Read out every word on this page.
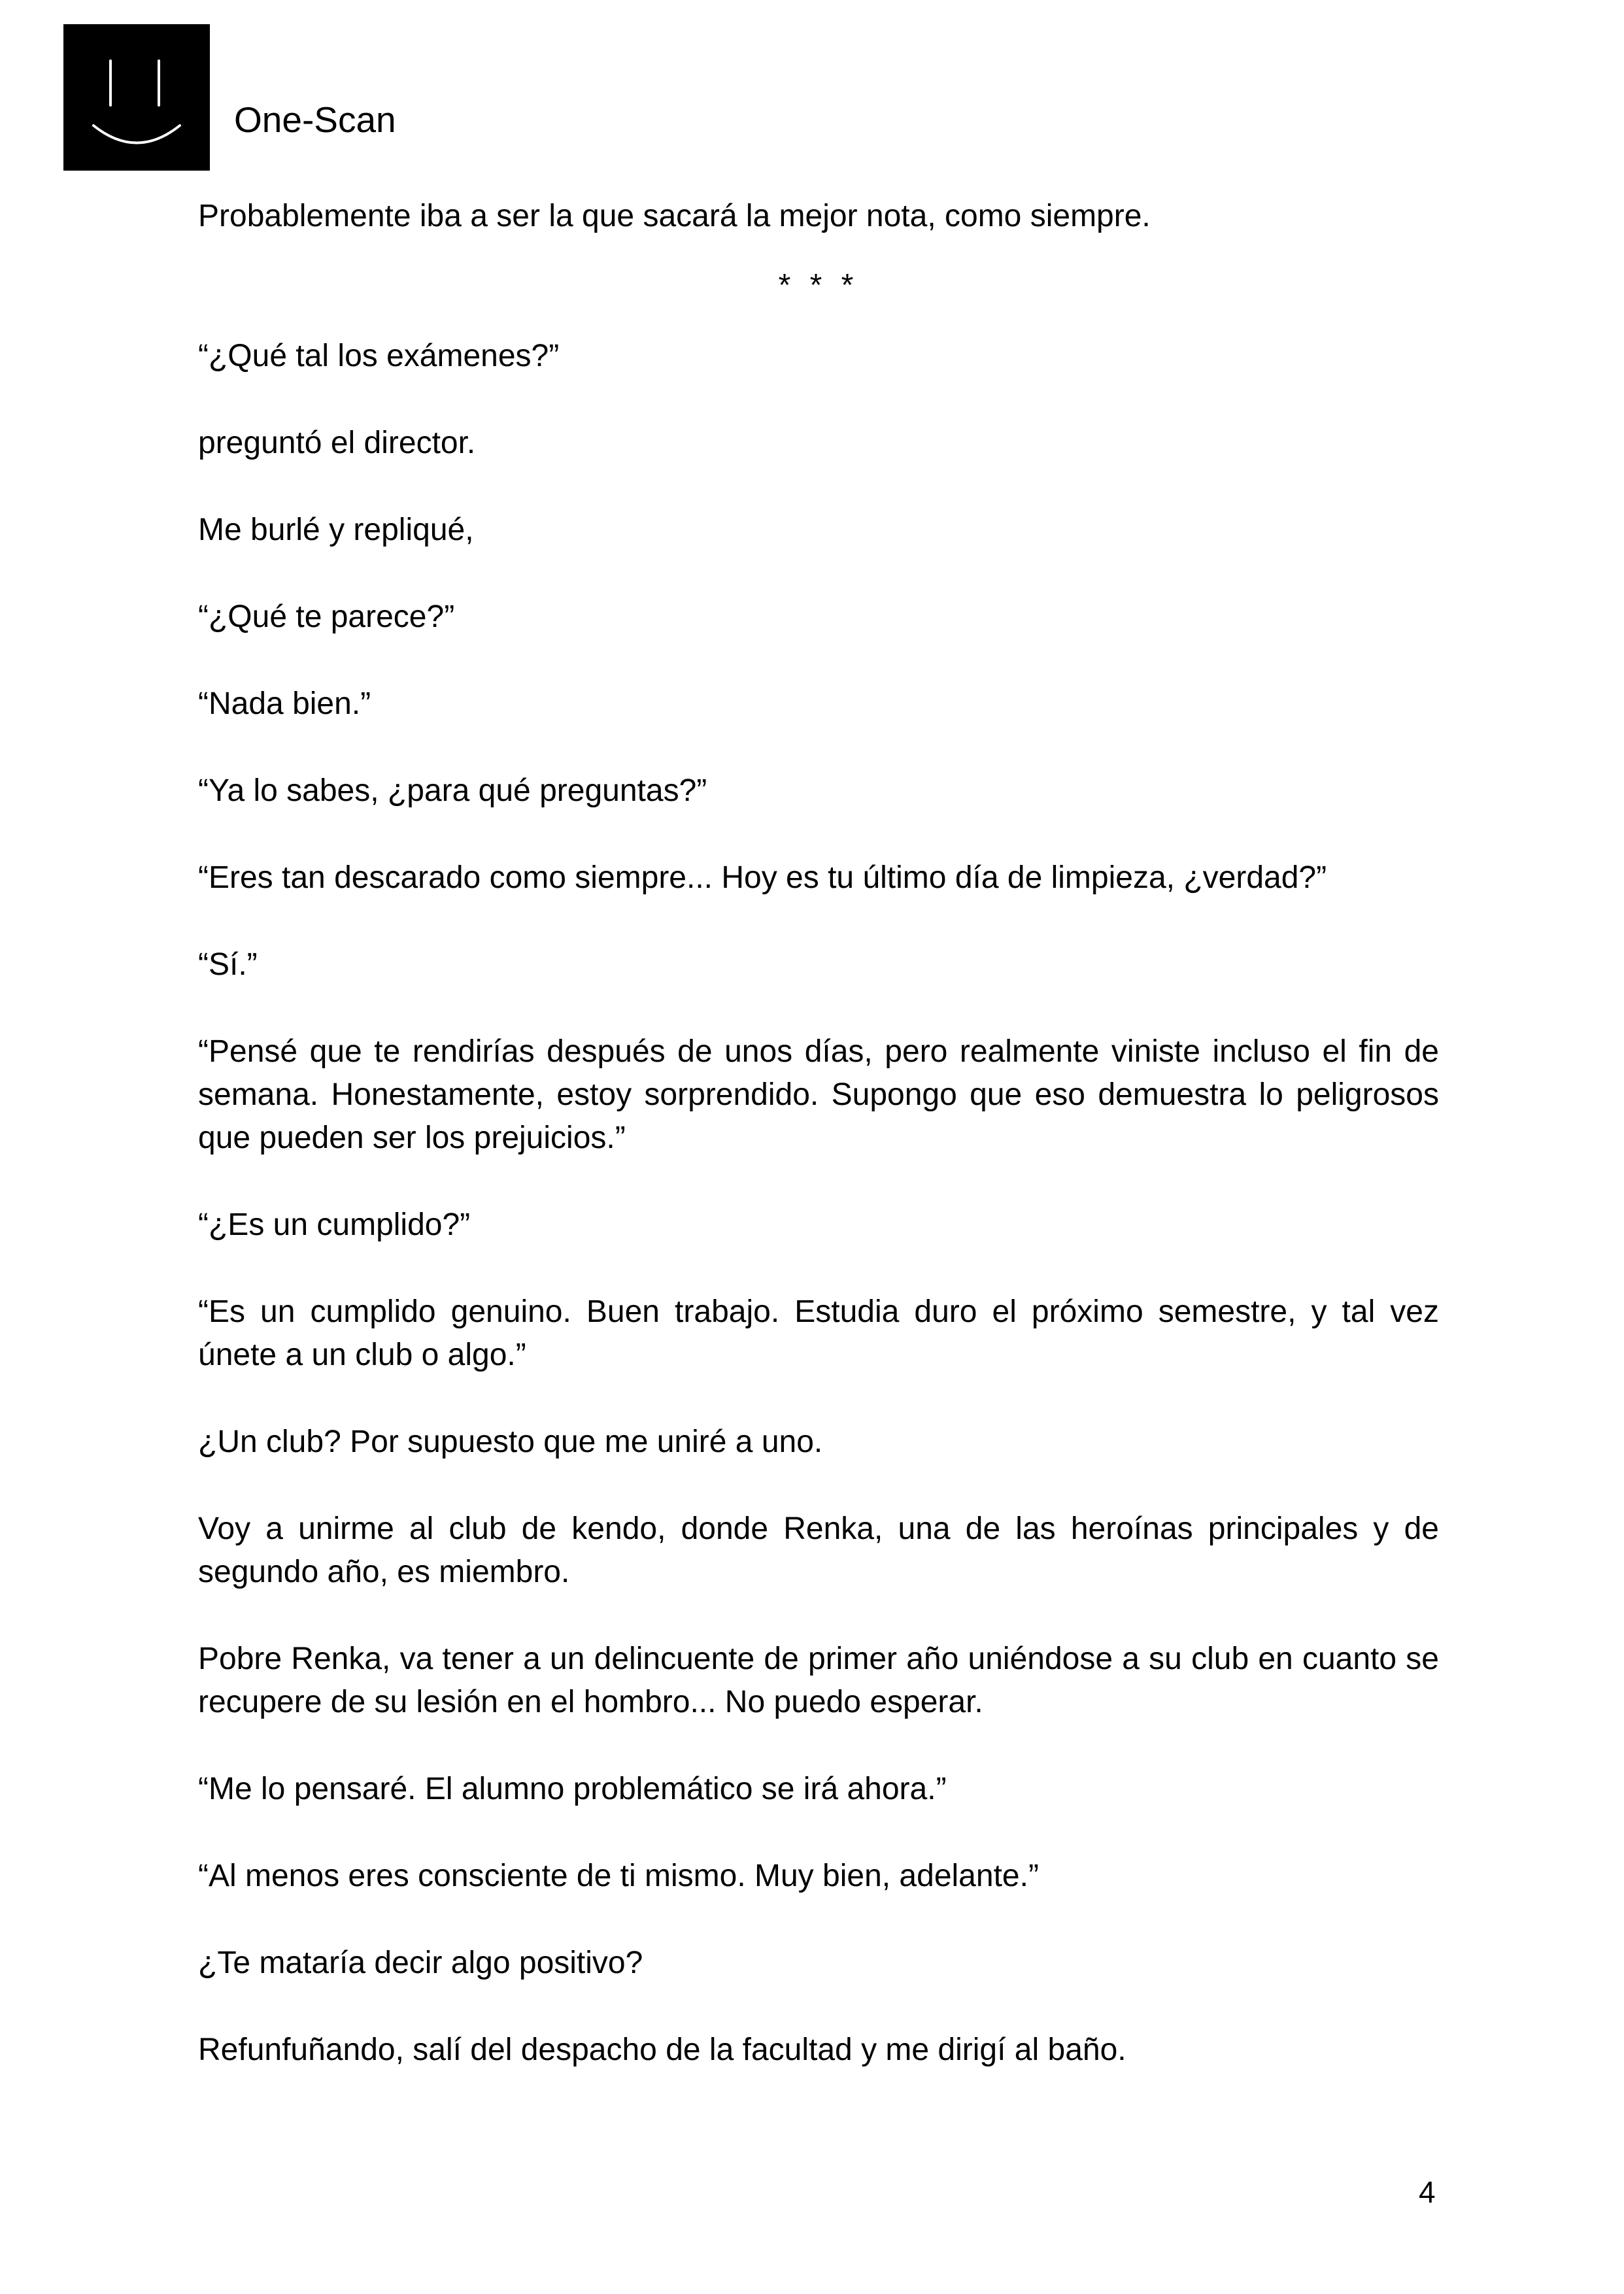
One-Scan

Probablemente iba a ser la que sacará la mejor nota, como siempre.

* * *

“¿Qué tal los exámenes?”

preguntó el director.

Me burlé y repliqué,

“¿Qué te parece?”

“Nada bien.”

“Ya lo sabes, ¿para qué preguntas?”

“Eres tan descarado como siempre... Hoy es tu último día de limpieza, ¿verdad?”

“Sí.”

“Pensé que te rendirías después de unos días, pero realmente viniste incluso el fin de semana. Honestamente, estoy sorprendido. Supongo que eso demuestra lo peligrosos que pueden ser los prejuicios.”

“¿Es un cumplido?”

“Es un cumplido genuino. Buen trabajo. Estudia duro el próximo semestre, y tal vez únete a un club o algo.”

¿Un club? Por supuesto que me uniré a uno.

Voy a unirme al club de kendo, donde Renka, una de las heroínas principales y de segundo año, es miembro.

Pobre Renka, va tener a un delincuente de primer año uniéndose a su club en cuanto se recupere de su lesión en el hombro... No puedo esperar.

“Me lo pensaré. El alumno problemático se irá ahora.”

“Al menos eres consciente de ti mismo. Muy bien, adelante.”

¿Te mataría decir algo positivo?

Refunfuñando, salí del despacho de la facultad y me dirigí al baño.

4
